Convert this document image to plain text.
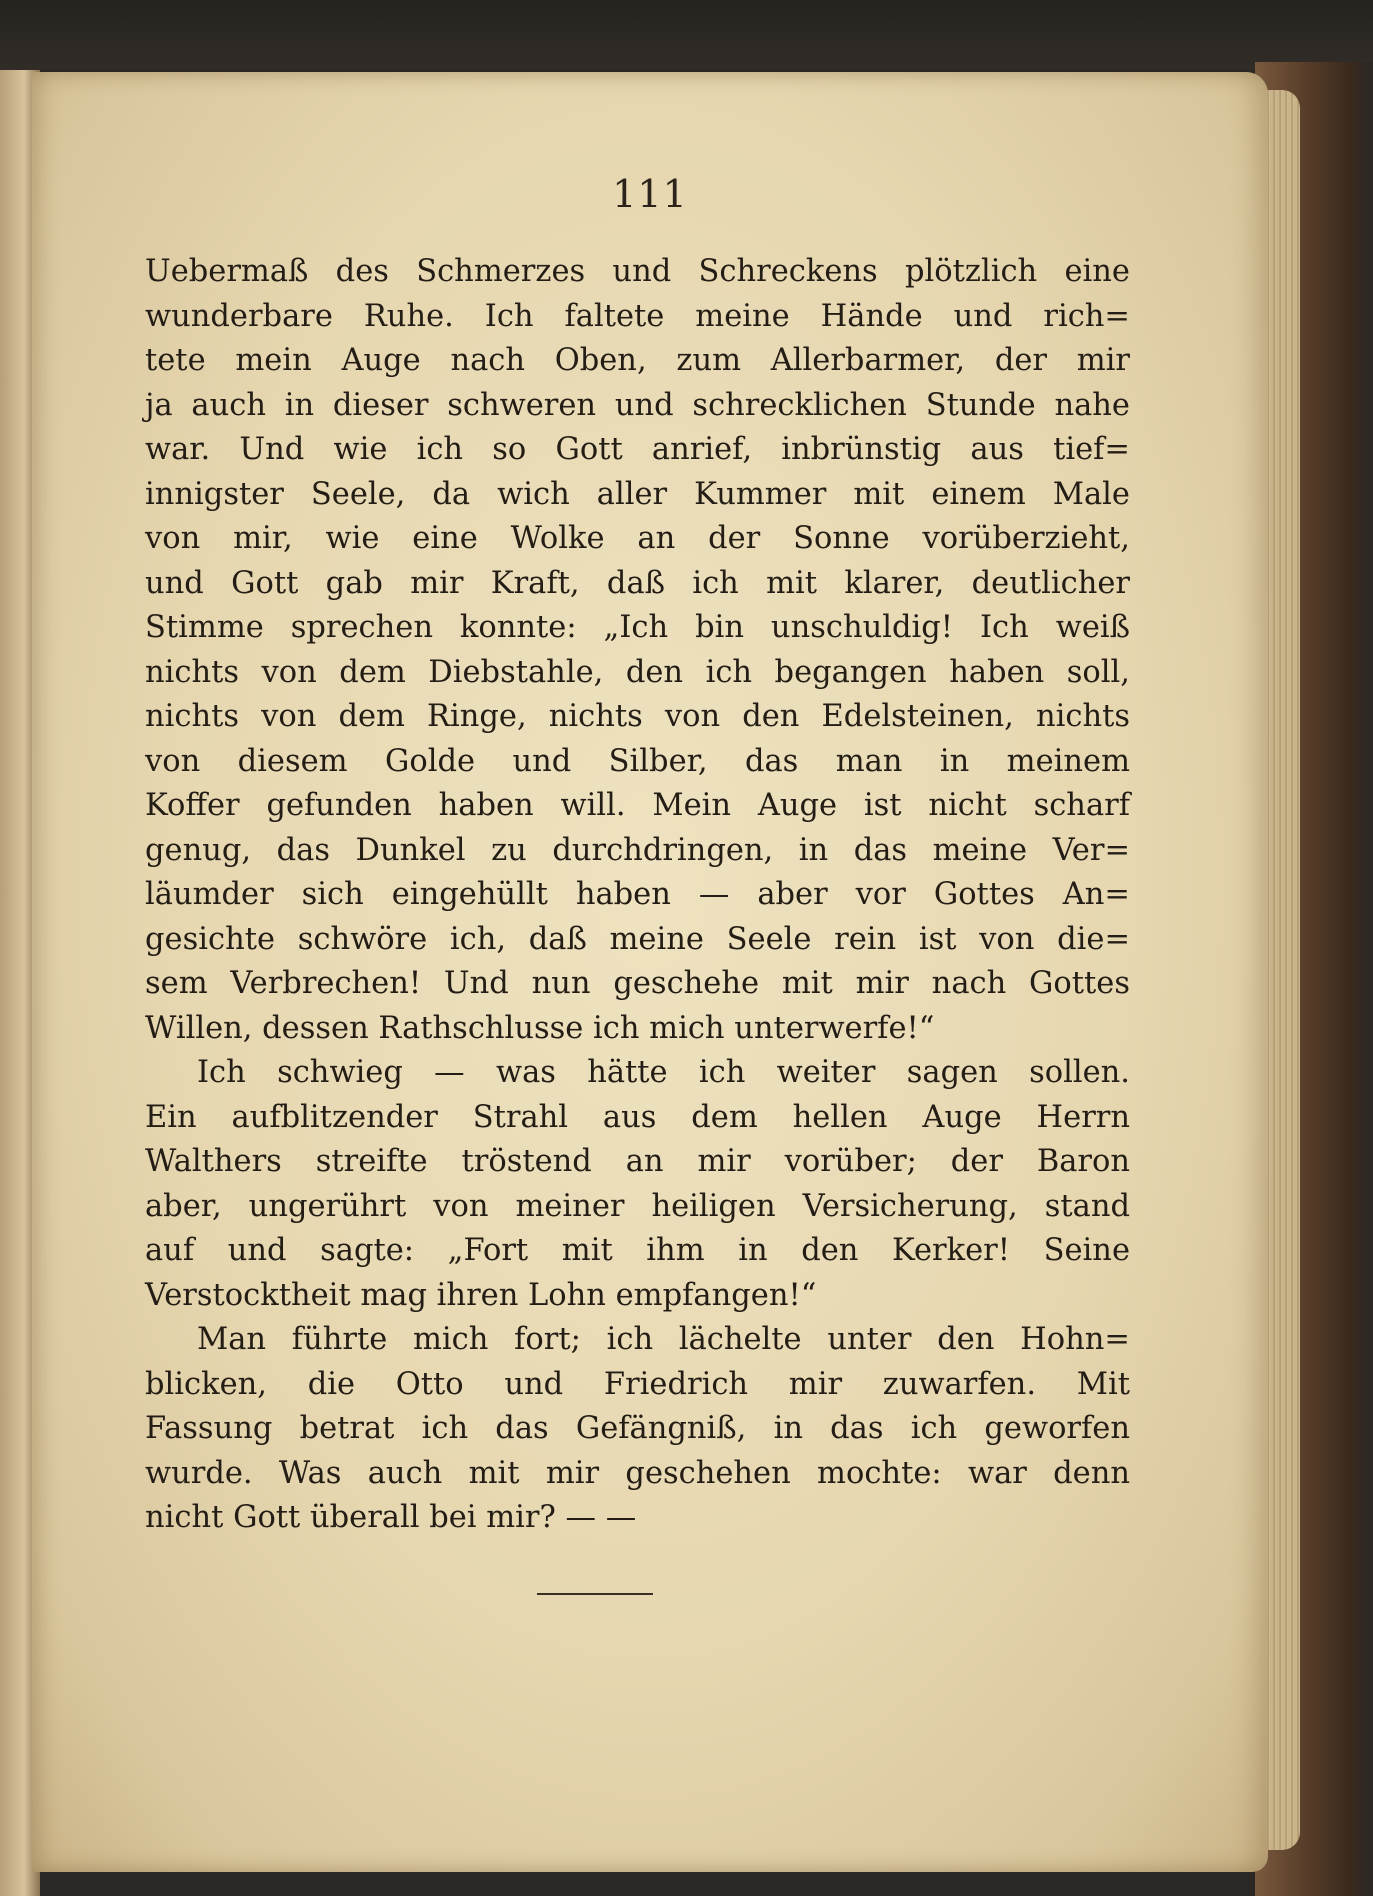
111
Uebermaß des Schmerzes und Schreckens plötzlich eine
wunderbare Ruhe. Ich faltete meine Hände und rich=
tete mein Auge nach Oben, zum Allerbarmer, der mir
ja auch in dieser schweren und schrecklichen Stunde nahe
war. Und wie ich so Gott anrief, inbrünstig aus tief=
innigster Seele, da wich aller Kummer mit einem Male
von mir, wie eine Wolke an der Sonne vorüberzieht,
und Gott gab mir Kraft, daß ich mit klarer, deutlicher
Stimme sprechen konnte: „Ich bin unschuldig! Ich weiß
nichts von dem Diebstahle, den ich begangen haben soll,
nichts von dem Ringe, nichts von den Edelsteinen, nichts
von diesem Golde und Silber, das man in meinem
Koffer gefunden haben will. Mein Auge ist nicht scharf
genug, das Dunkel zu durchdringen, in das meine Ver=
läumder sich eingehüllt haben — aber vor Gottes An=
gesichte schwöre ich, daß meine Seele rein ist von die=
sem Verbrechen! Und nun geschehe mit mir nach Gottes
Willen, dessen Rathschlusse ich mich unterwerfe!“
Ich schwieg — was hätte ich weiter sagen sollen.
Ein aufblitzender Strahl aus dem hellen Auge Herrn
Walthers streifte tröstend an mir vorüber; der Baron
aber, ungerührt von meiner heiligen Versicherung, stand
auf und sagte: „Fort mit ihm in den Kerker! Seine
Verstocktheit mag ihren Lohn empfangen!“
Man führte mich fort; ich lächelte unter den Hohn=
blicken, die Otto und Friedrich mir zuwarfen. Mit
Fassung betrat ich das Gefängniß, in das ich geworfen
wurde. Was auch mit mir geschehen mochte: war denn
nicht Gott überall bei mir? — —
